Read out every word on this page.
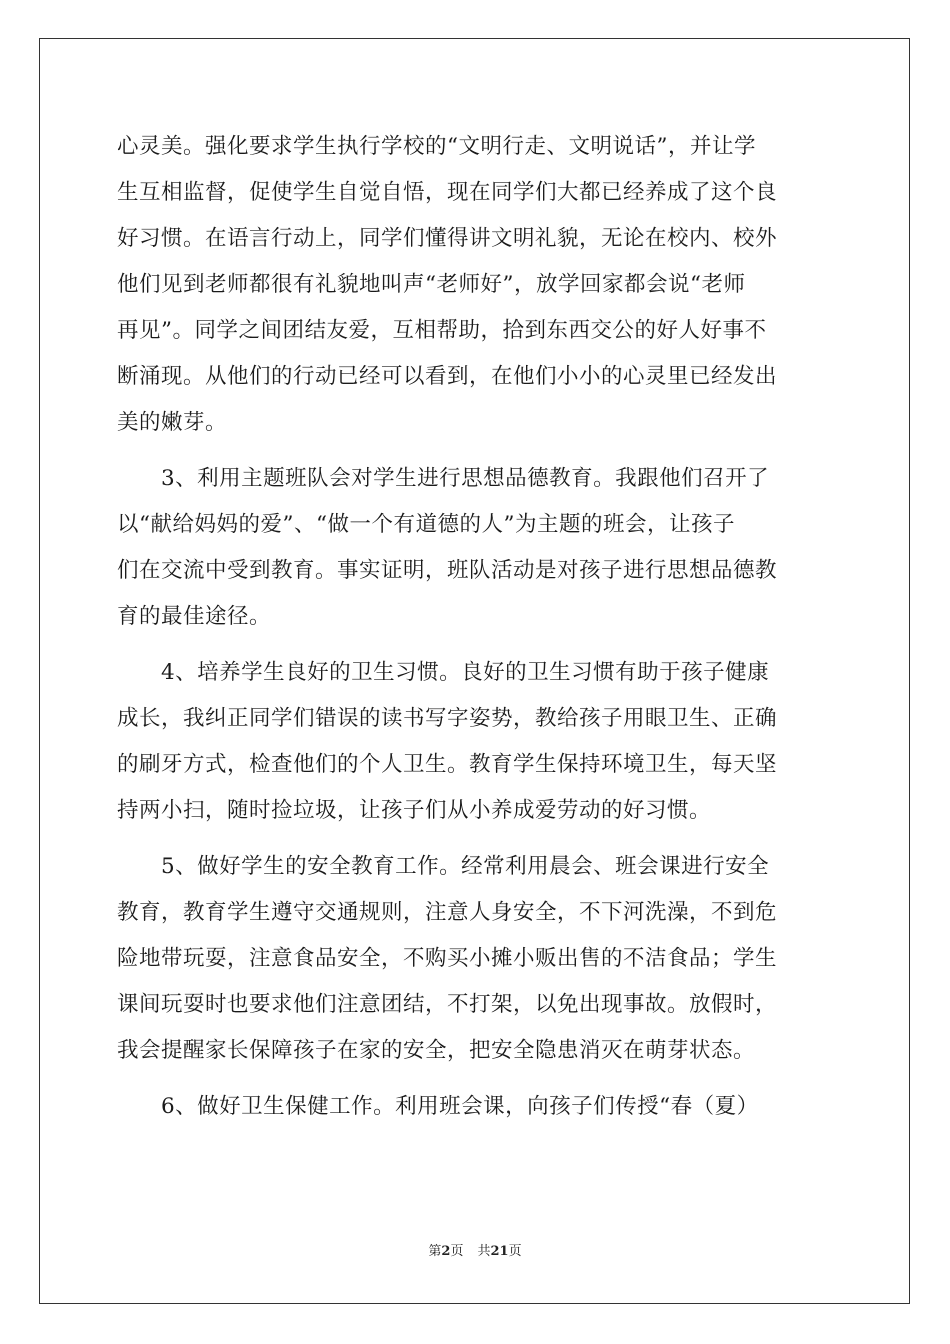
心灵美。强化要求学生执行学校的“文明行走、文明说话”，并让学
生互相监督，促使学生自觉自悟，现在同学们大都已经养成了这个良
好习惯。在语言行动上，同学们懂得讲文明礼貌，无论在校内、校外
他们见到老师都很有礼貌地叫声“老师好”，放学回家都会说“老师
再见”。同学之间团结友爱，互相帮助，拾到东西交公的好人好事不
断涌现。从他们的行动已经可以看到，在他们小小的心灵里已经发出
美的嫩芽。
3、利用主题班队会对学生进行思想品德教育。我跟他们召开了
以“献给妈妈的爱”、“做一个有道德的人”为主题的班会，让孩子
们在交流中受到教育。事实证明，班队活动是对孩子进行思想品德教
育的最佳途径。
4、培养学生良好的卫生习惯。良好的卫生习惯有助于孩子健康
成长，我纠正同学们错误的读书写字姿势，教给孩子用眼卫生、正确
的刷牙方式，检查他们的个人卫生。教育学生保持环境卫生，每天坚
持两小扫，随时捡垃圾，让孩子们从小养成爱劳动的好习惯。
5、做好学生的安全教育工作。经常利用晨会、班会课进行安全
教育，教育学生遵守交通规则，注意人身安全，不下河洗澡，不到危
险地带玩耍，注意食品安全，不购买小摊小贩出售的不洁食品；学生
课间玩耍时也要求他们注意团结，不打架，以免出现事故。放假时，
我会提醒家长保障孩子在家的安全，把安全隐患消灭在萌芽状态。
6、做好卫生保健工作。利用班会课，向孩子们传授“春（夏）
第2页 共21页
